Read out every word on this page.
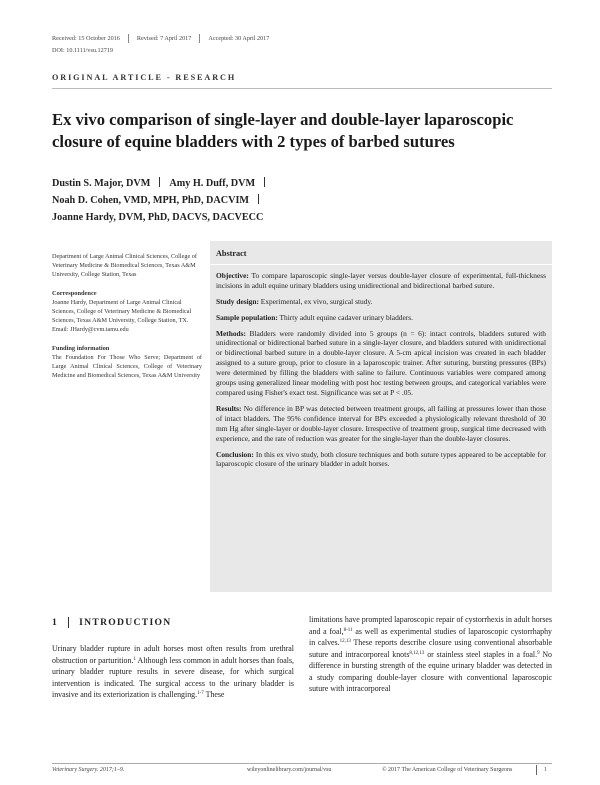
Received: 15 October 2016	Revised: 7 April 2017	Accepted: 30 April 2017
DOI: 10.1111/vsu.12719
ORIGINAL ARTICLE - RESEARCH
Ex vivo comparison of single-layer and double-layer laparoscopic closure of equine bladders with 2 types of barbed sutures
Dustin S. Major, DVM Amy H. Duff, DVM
Noah D. Cohen, VMD, MPH, PhD, DACVIM
Joanne Hardy, DVM, PhD, DACVS, DACVECC
Department of Large Animal Clinical Sciences, College of Veterinary Medicine & Biomedical Sciences, Texas A&M University, College Station, Texas
Correspondence
Joanne Hardy, Department of Large Animal Clinical Sciences, College of Veterinary Medicine & Biomedical Sciences, Texas A&M University, College Station, TX.
Email: JHardy@cvm.tamu.edu
Funding information
The Foundation For Those Who Serve; Department of Large Animal Clinical Sciences, College of Veterinary Medicine and Biomedical Sciences, Texas A&M University
Abstract

Objective: To compare laparoscopic single-layer versus double-layer closure of experimental, full-thickness incisions in adult equine urinary bladders using unidirectional and bidirectional barbed suture.

Study design: Experimental, ex vivo, surgical study.

Sample population: Thirty adult equine cadaver urinary bladders.

Methods: Bladders were randomly divided into 5 groups (n = 6): intact controls, bladders sutured with unidirectional or bidirectional barbed suture in a single-layer closure, and bladders sutured with unidirectional or bidirectional barbed suture in a double-layer closure. A 5-cm apical incision was created in each bladder assigned to a suture group, prior to closure in a laparoscopic trainer. After suturing, bursting pressures (BPs) were determined by filling the bladders with saline to failure. Continuous variables were compared among groups using generalized linear modeling with post hoc testing between groups, and categorical variables were compared using Fisher's exact test. Significance was set at P < .05.

Results: No difference in BP was detected between treatment groups, all failing at pressures lower than those of intact bladders. The 95% confidence interval for BPs exceeded a physiologically relevant threshold of 30 mm Hg after single-layer or double-layer closure. Irrespective of treatment group, surgical time decreased with experience, and the rate of reduction was greater for the single-layer than the double-layer closures.

Conclusion: In this ex vivo study, both closure techniques and both suture types appeared to be acceptable for laparoscopic closure of the urinary bladder in adult horses.

1 INTRODUCTION
Urinary bladder rupture in adult horses most often results from urethral obstruction or parturition.$^1$ Although less common in adult horses than foals, urinary bladder rupture results in severe disease, for which surgical intervention is indicated. The surgical access to the urinary bladder is invasive and its exteriorization is challenging.$^{1-7}$ These
limitations have prompted laparoscopic repair of cystorrhexis in adult horses and a foal,$^{8-11}$ as well as experimental studies of laparoscopic cystorrhaphy in calves.$^{12,13}$ These reports describe closure using conventional absorbable suture and intracorporeal knots$^{8,12,13}$ or stainless steel staples in a foal.$^9$ No difference in bursting strength of the equine urinary bladder was detected in a study comparing double-layer closure with conventional laparoscopic suture with intracorporeal
Veterinary Surgery. 2017;1–9.	wileyonlinelibrary.com/journal/vsu	© 2017 The American College of Veterinary Surgeons	1
